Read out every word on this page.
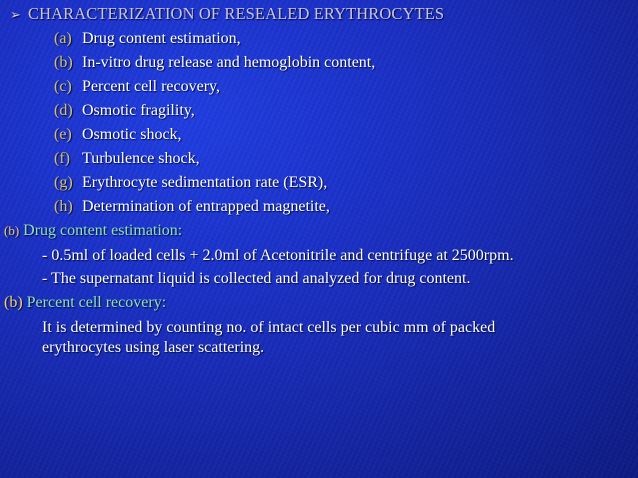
➢ CHARACTERIZATION OF RESEALED ERYTHROCYTES
(a) Drug content estimation,
(b) In-vitro drug release and hemoglobin content,
(c) Percent cell recovery,
(d) Osmotic fragility,
(e) Osmotic shock,
(f) Turbulence shock,
(g) Erythrocyte sedimentation rate (ESR),
(h) Determination of entrapped magnetite,
(b) Drug content estimation:
- 0.5ml of loaded cells + 2.0ml of Acetonitrile and centrifuge at 2500rpm.
- The supernatant liquid is collected and analyzed for drug content.
(b) Percent cell recovery:
It is determined by counting no. of intact cells per cubic mm of packed
erythrocytes using laser scattering.
